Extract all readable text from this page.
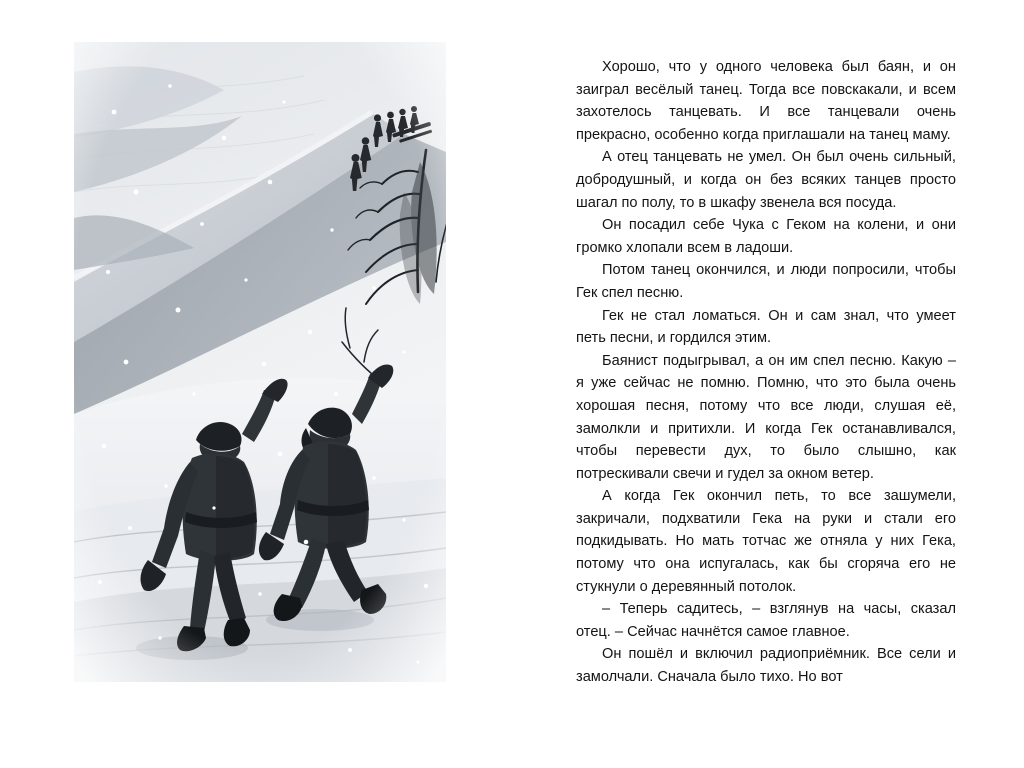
Хорошо, что у одного человека был баян, и он заиграл весёлый танец. Тогда все повскакали, и всем захотелось танцевать. И все танцевали очень прекрасно, особенно когда приглашали на танец маму.

А отец танцевать не умел. Он был очень сильный, добродушный, и когда он без всяких танцев просто шагал по полу, то в шкафу звенела вся посуда.

Он посадил себе Чука с Геком на колени, и они громко хлопали всем в ладоши.

Потом танец окончился, и люди попросили, чтобы Гек спел песню.

Гек не стал ломаться. Он и сам знал, что умеет петь песни, и гордился этим.

Баянист подыгрывал, а он им спел песню. Какую – я уже сейчас не помню. Помню, что это была очень хорошая песня, потому что все люди, слушая её, замолкли и притихли. И когда Гек останавливался, чтобы перевести дух, то было слышно, как потрескивали свечи и гудел за окном ветер.

А когда Гек окончил петь, то все зашумели, закричали, подхватили Гека на руки и стали его подкидывать. Но мать тотчас же отняла у них Гека, потому что она испугалась, как бы сгоряча его не стукнули о деревянный потолок.

– Теперь садитесь, – взглянув на часы, сказал отец. – Сейчас начнётся самое главное.

Он пошёл и включил радиоприёмник. Все сели и замолчали. Сначала было тихо. Но вот
